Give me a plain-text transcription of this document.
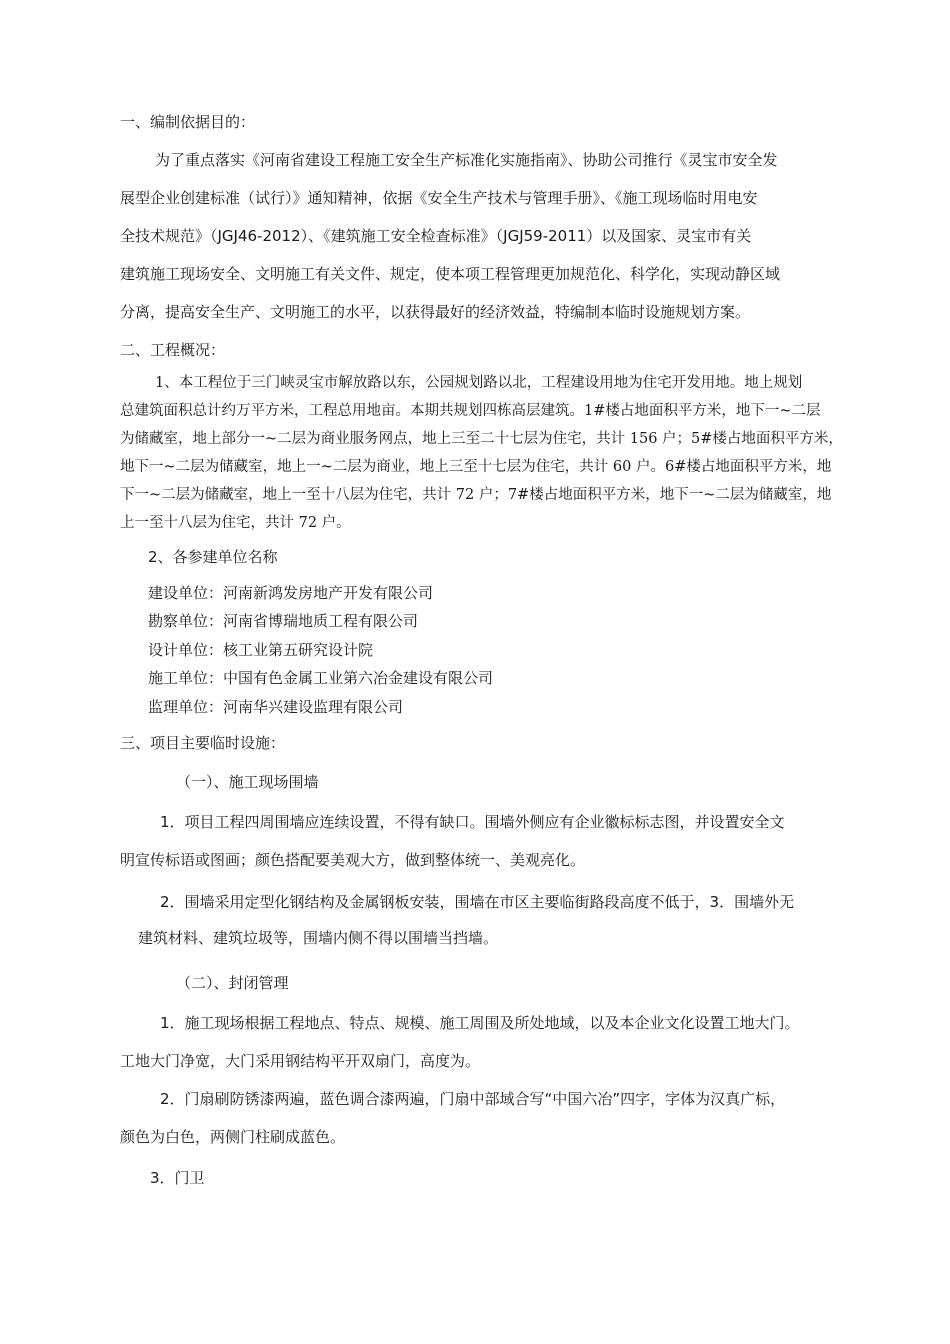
一、编制依据目的：
为了重点落实《河南省建设工程施工安全生产标准化实施指南》、协助公司推行《灵宝市安全发
展型企业创建标准（试行）》通知精神，依据《安全生产技术与管理手册》、《施工现场临时用电安
全技术规范》（JGJ46-2012）、《建筑施工安全检查标准》（JGJ59-2011）以及国家、灵宝市有关
建筑施工现场安全、文明施工有关文件、规定，使本项工程管理更加规范化、科学化，实现动静区域
分离，提高安全生产、文明施工的水平，以获得最好的经济效益，特编制本临时设施规划方案。
二、工程概况：
1、本工程位于三门峡灵宝市解放路以东，公园规划路以北，工程建设用地为住宅开发用地。地上规划
总建筑面积总计约万平方米，工程总用地亩。本期共规划四栋高层建筑。1#楼占地面积平方米，地下一~二层
为储藏室，地上部分一~二层为商业服务网点，地上三至二十七层为住宅，共计 156 户；5#楼占地面积平方米，
地下一~二层为储藏室，地上一~二层为商业，地上三至十七层为住宅，共计 60 户。6#楼占地面积平方米，地
下一~二层为储藏室，地上一至十八层为住宅，共计 72 户；7#楼占地面积平方米，地下一~二层为储藏室，地
上一至十八层为住宅，共计 72 户。
2、各参建单位名称
建设单位：河南新鸿发房地产开发有限公司
勘察单位：河南省博瑞地质工程有限公司
设计单位：核工业第五研究设计院
施工单位：中国有色金属工业第六冶金建设有限公司
监理单位：河南华兴建设监理有限公司
三、项目主要临时设施：
（一）、施工现场围墙
1．项目工程四周围墙应连续设置，不得有缺口。围墙外侧应有企业徽标标志图，并设置安全文
明宣传标语或图画；颜色搭配要美观大方，做到整体统一、美观亮化。
2．围墙采用定型化钢结构及金属钢板安装，围墙在市区主要临街路段高度不低于，3．围墙外无
建筑材料、建筑垃圾等，围墙内侧不得以围墙当挡墙。
（二）、封闭管理
1．施工现场根据工程地点、特点、规模、施工周围及所处地域，以及本企业文化设置工地大门。
工地大门净宽，大门采用钢结构平开双扇门，高度为。
2．门扇刷防锈漆两遍，蓝色调合漆两遍，门扇中部域合写“中国六冶”四字，字体为汉真广标，
颜色为白色，两侧门柱刷成蓝色。
3．门卫
